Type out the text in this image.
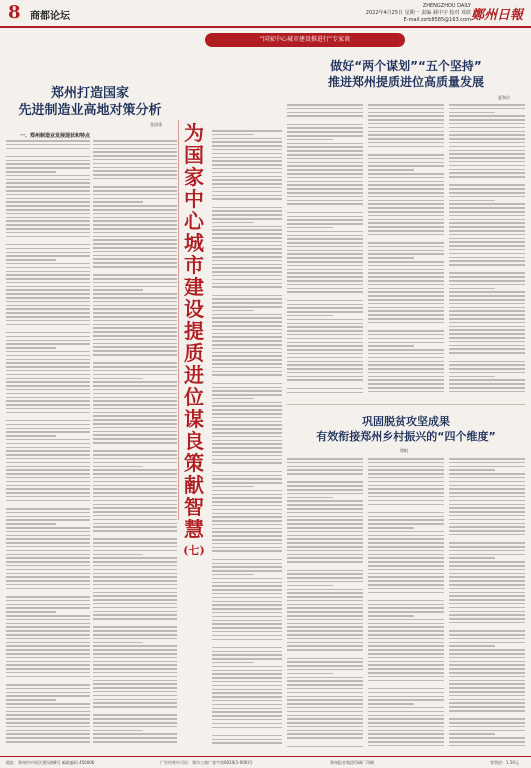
8 商都论坛
ZHENGZHOU DAILY
2022年4月25日 星期一 责编 郝中宇 校对 邓欣
E-mail:zzrb8585@163.com 鄭州日報
“国家中心城市建设推进行”专家谈
郑州打造国家
先进制造业高地对策分析
张国建
一、郑州制造业发展现状和特点	为
国
家
中
心
城
市
建
设
提
质
进
位
谋
良
策
献
智
慧
(七)
做好“两个谋划”“五个坚持”
推进郑州提质进位高质量发展
夏和洁
巩固脱贫攻坚成果
有效衔接郑州乡村振兴的“四个维度”
徐帆
地址：郑州市中原区建设路8号 邮政编码 450006	广告经营许可证：郑市工商广登字第0010(1-006)号	郑州报业集团印刷厂印刷	零售价：1.50元
